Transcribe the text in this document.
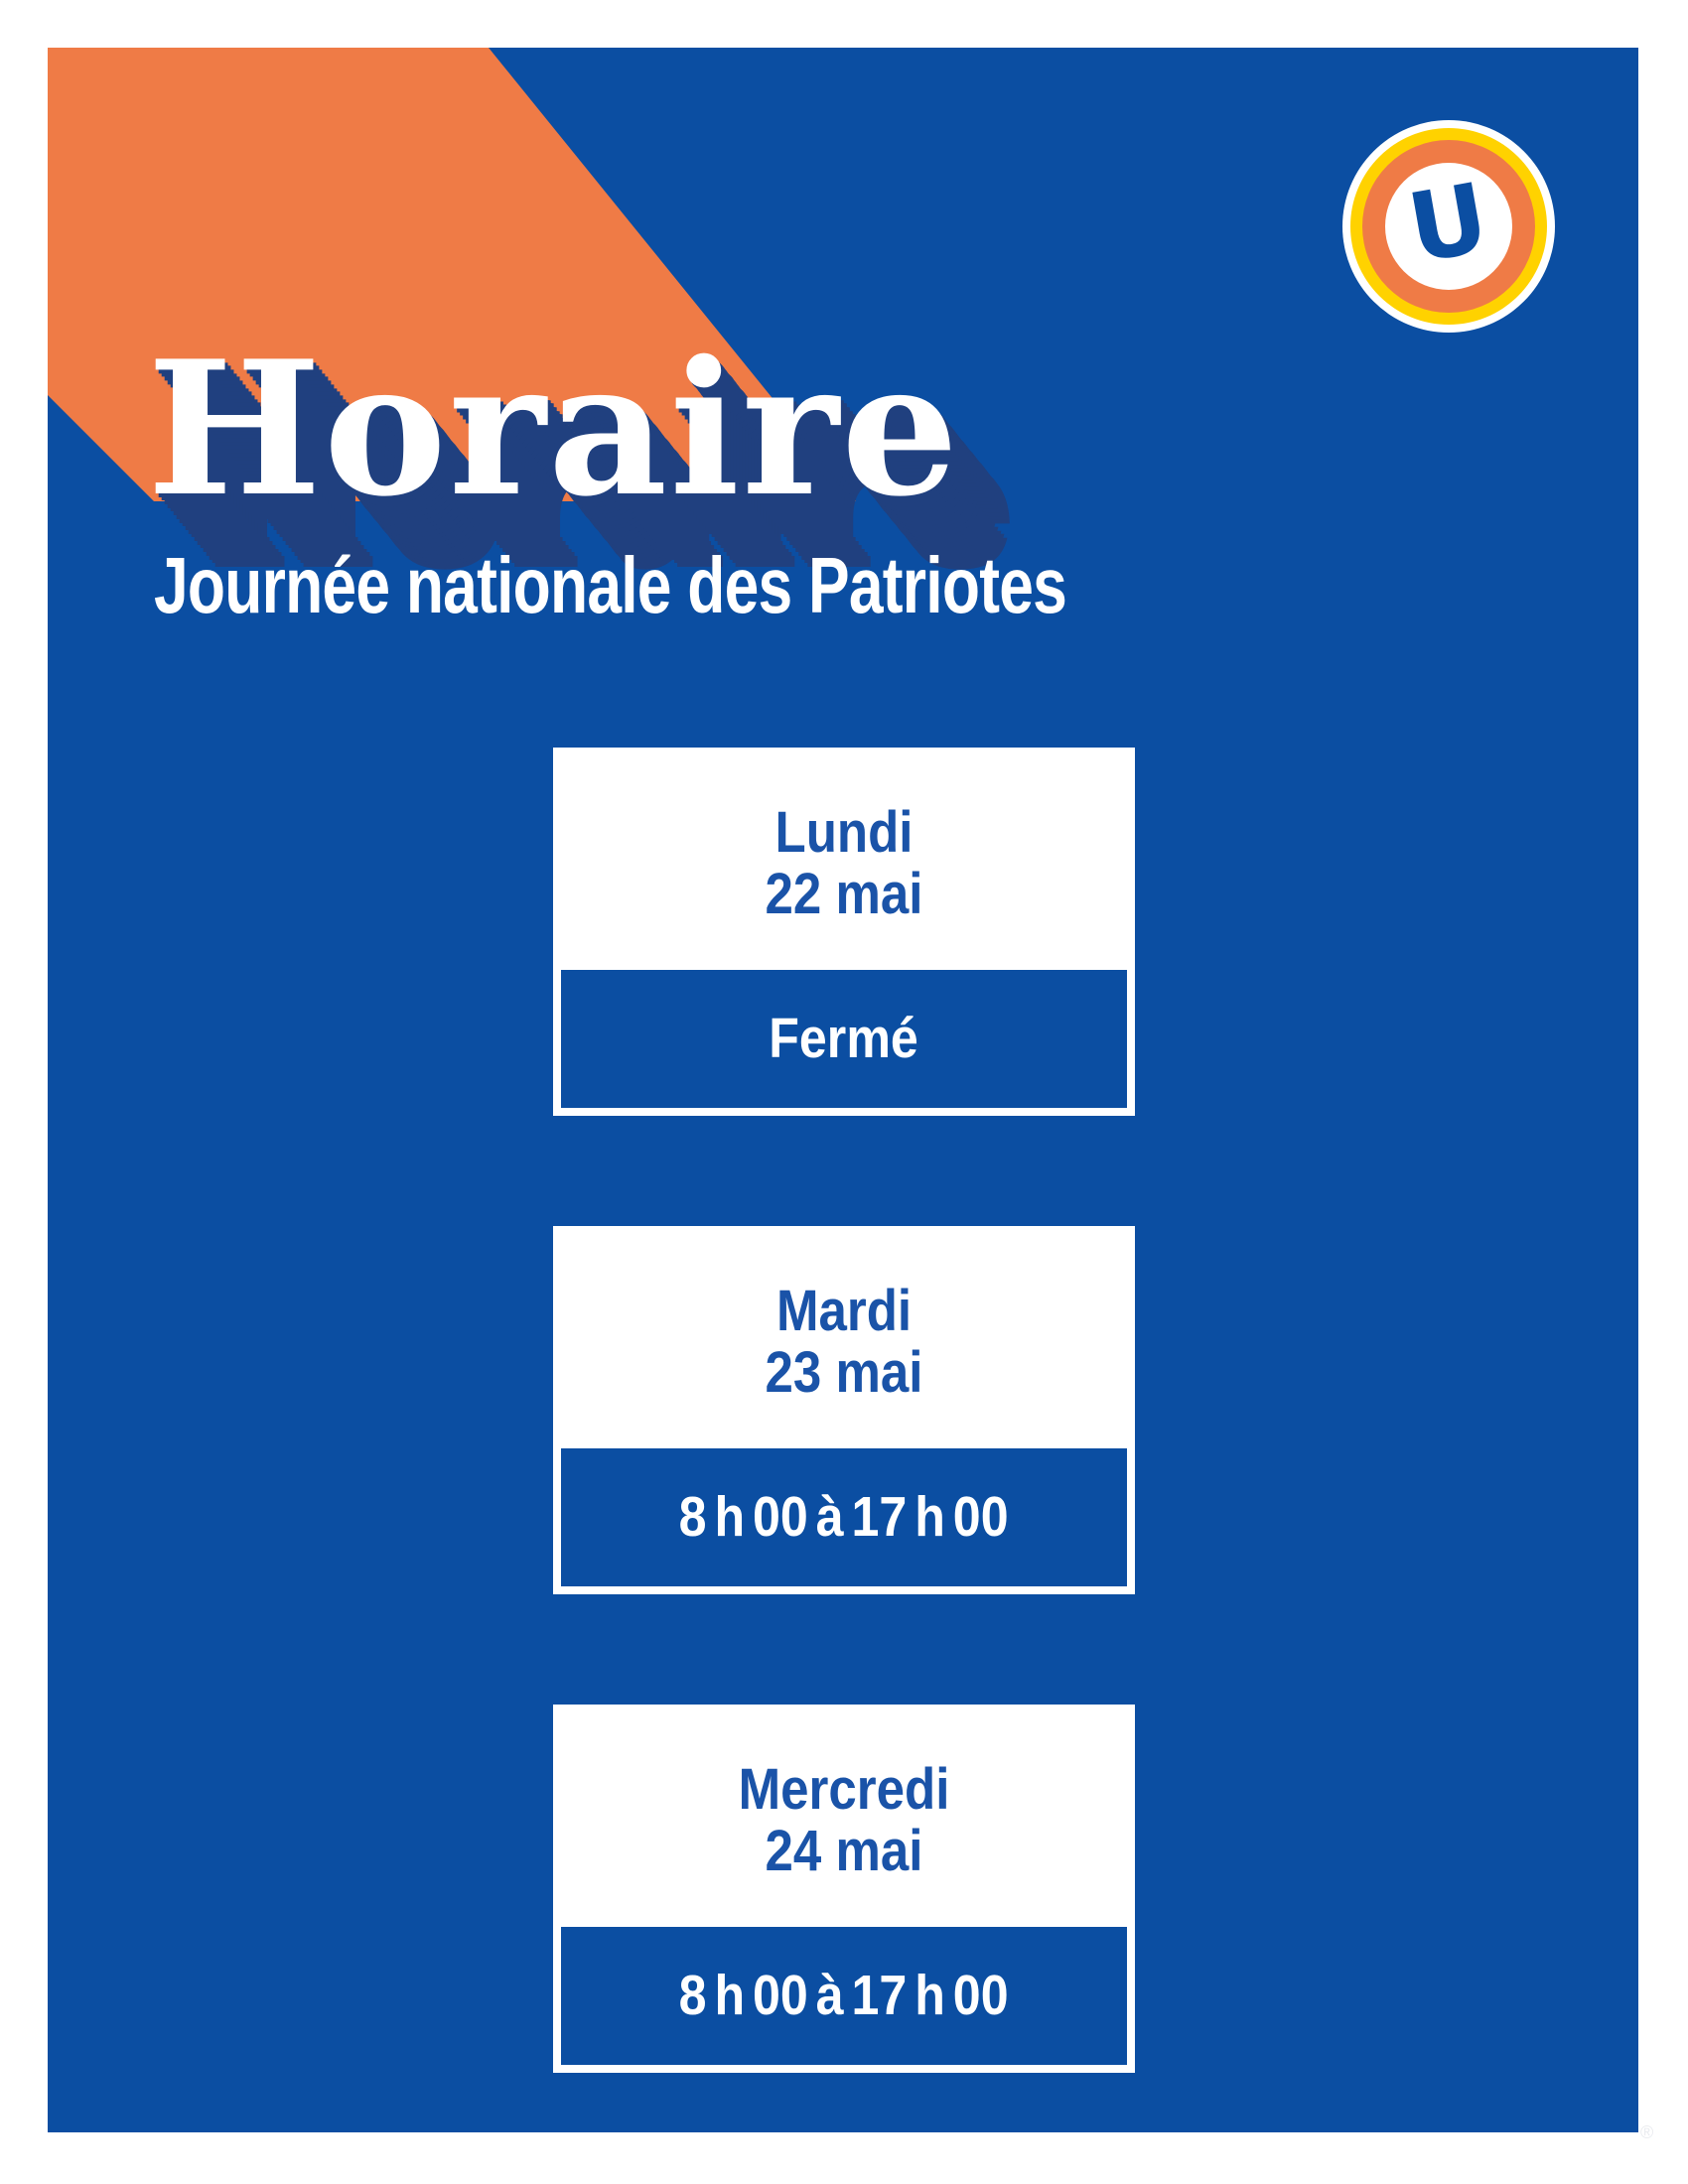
Horaire
Journée nationale des Patriotes
U
Lundi
22 mai
Fermé
Mardi
23 mai
8 h 00 à 17 h 00
Mercredi
24 mai
8 h 00 à 17 h 00
®
